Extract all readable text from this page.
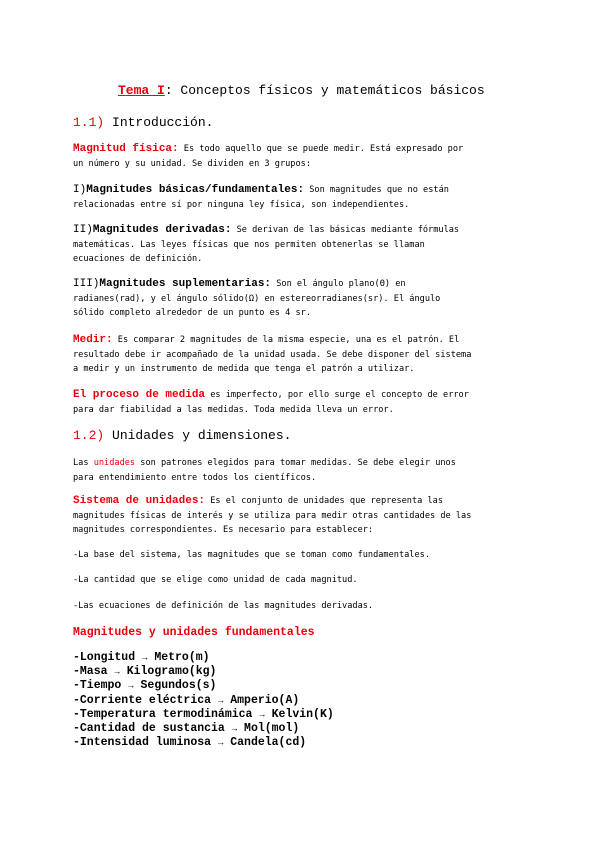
Tema I: Conceptos físicos y matemáticos básicos
1.1) Introducción.
Magnitud física: Es todo aquello que se puede medir. Está expresado por
un número y su unidad. Se dividen en 3 grupos:
I)Magnitudes básicas/fundamentales: Son magnitudes que no están
relacionadas entre sí por ninguna ley física, son independientes.
II)Magnitudes derivadas: Se derivan de las básicas mediante fórmulas
matemáticas. Las leyes físicas que nos permiten obtenerlas se llaman
ecuaciones de definición.
III)Magnitudes suplementarias: Son el ángulo plano(Θ) en
radianes(rad), y el ángulo sólido(Ω) en estereorradianes(sr). El ángulo
sólido completo alrededor de un punto es 4 sr.
Medir: Es comparar 2 magnitudes de la misma especie, una es el patrón. El
resultado debe ir acompañado de la unidad usada. Se debe disponer del sistema
a medir y un instrumento de medida que tenga el patrón a utilizar.
El proceso de medida es imperfecto, por ello surge el concepto de error
para dar fiabilidad a las medidas. Toda medida lleva un error.
1.2) Unidades y dimensiones.
Las unidades son patrones elegidos para tomar medidas. Se debe elegir unos
para entendimiento entre todos los científicos.
Sistema de unidades: Es el conjunto de unidades que representa las
magnitudes físicas de interés y se utiliza para medir otras cantidades de las
magnitudes correspondientes. Es necesario para establecer:
-La base del sistema, las magnitudes que se toman como fundamentales.
-La cantidad que se elige como unidad de cada magnitud.
-Las ecuaciones de definición de las magnitudes derivadas.
Magnitudes y unidades fundamentales
-Longitud → Metro(m)
-Masa → Kilogramo(kg)
-Tiempo → Segundos(s)
-Corriente eléctrica → Amperio(A)
-Temperatura termodinámica → Kelvin(K)
-Cantidad de sustancia → Mol(mol)
-Intensidad luminosa → Candela(cd)
